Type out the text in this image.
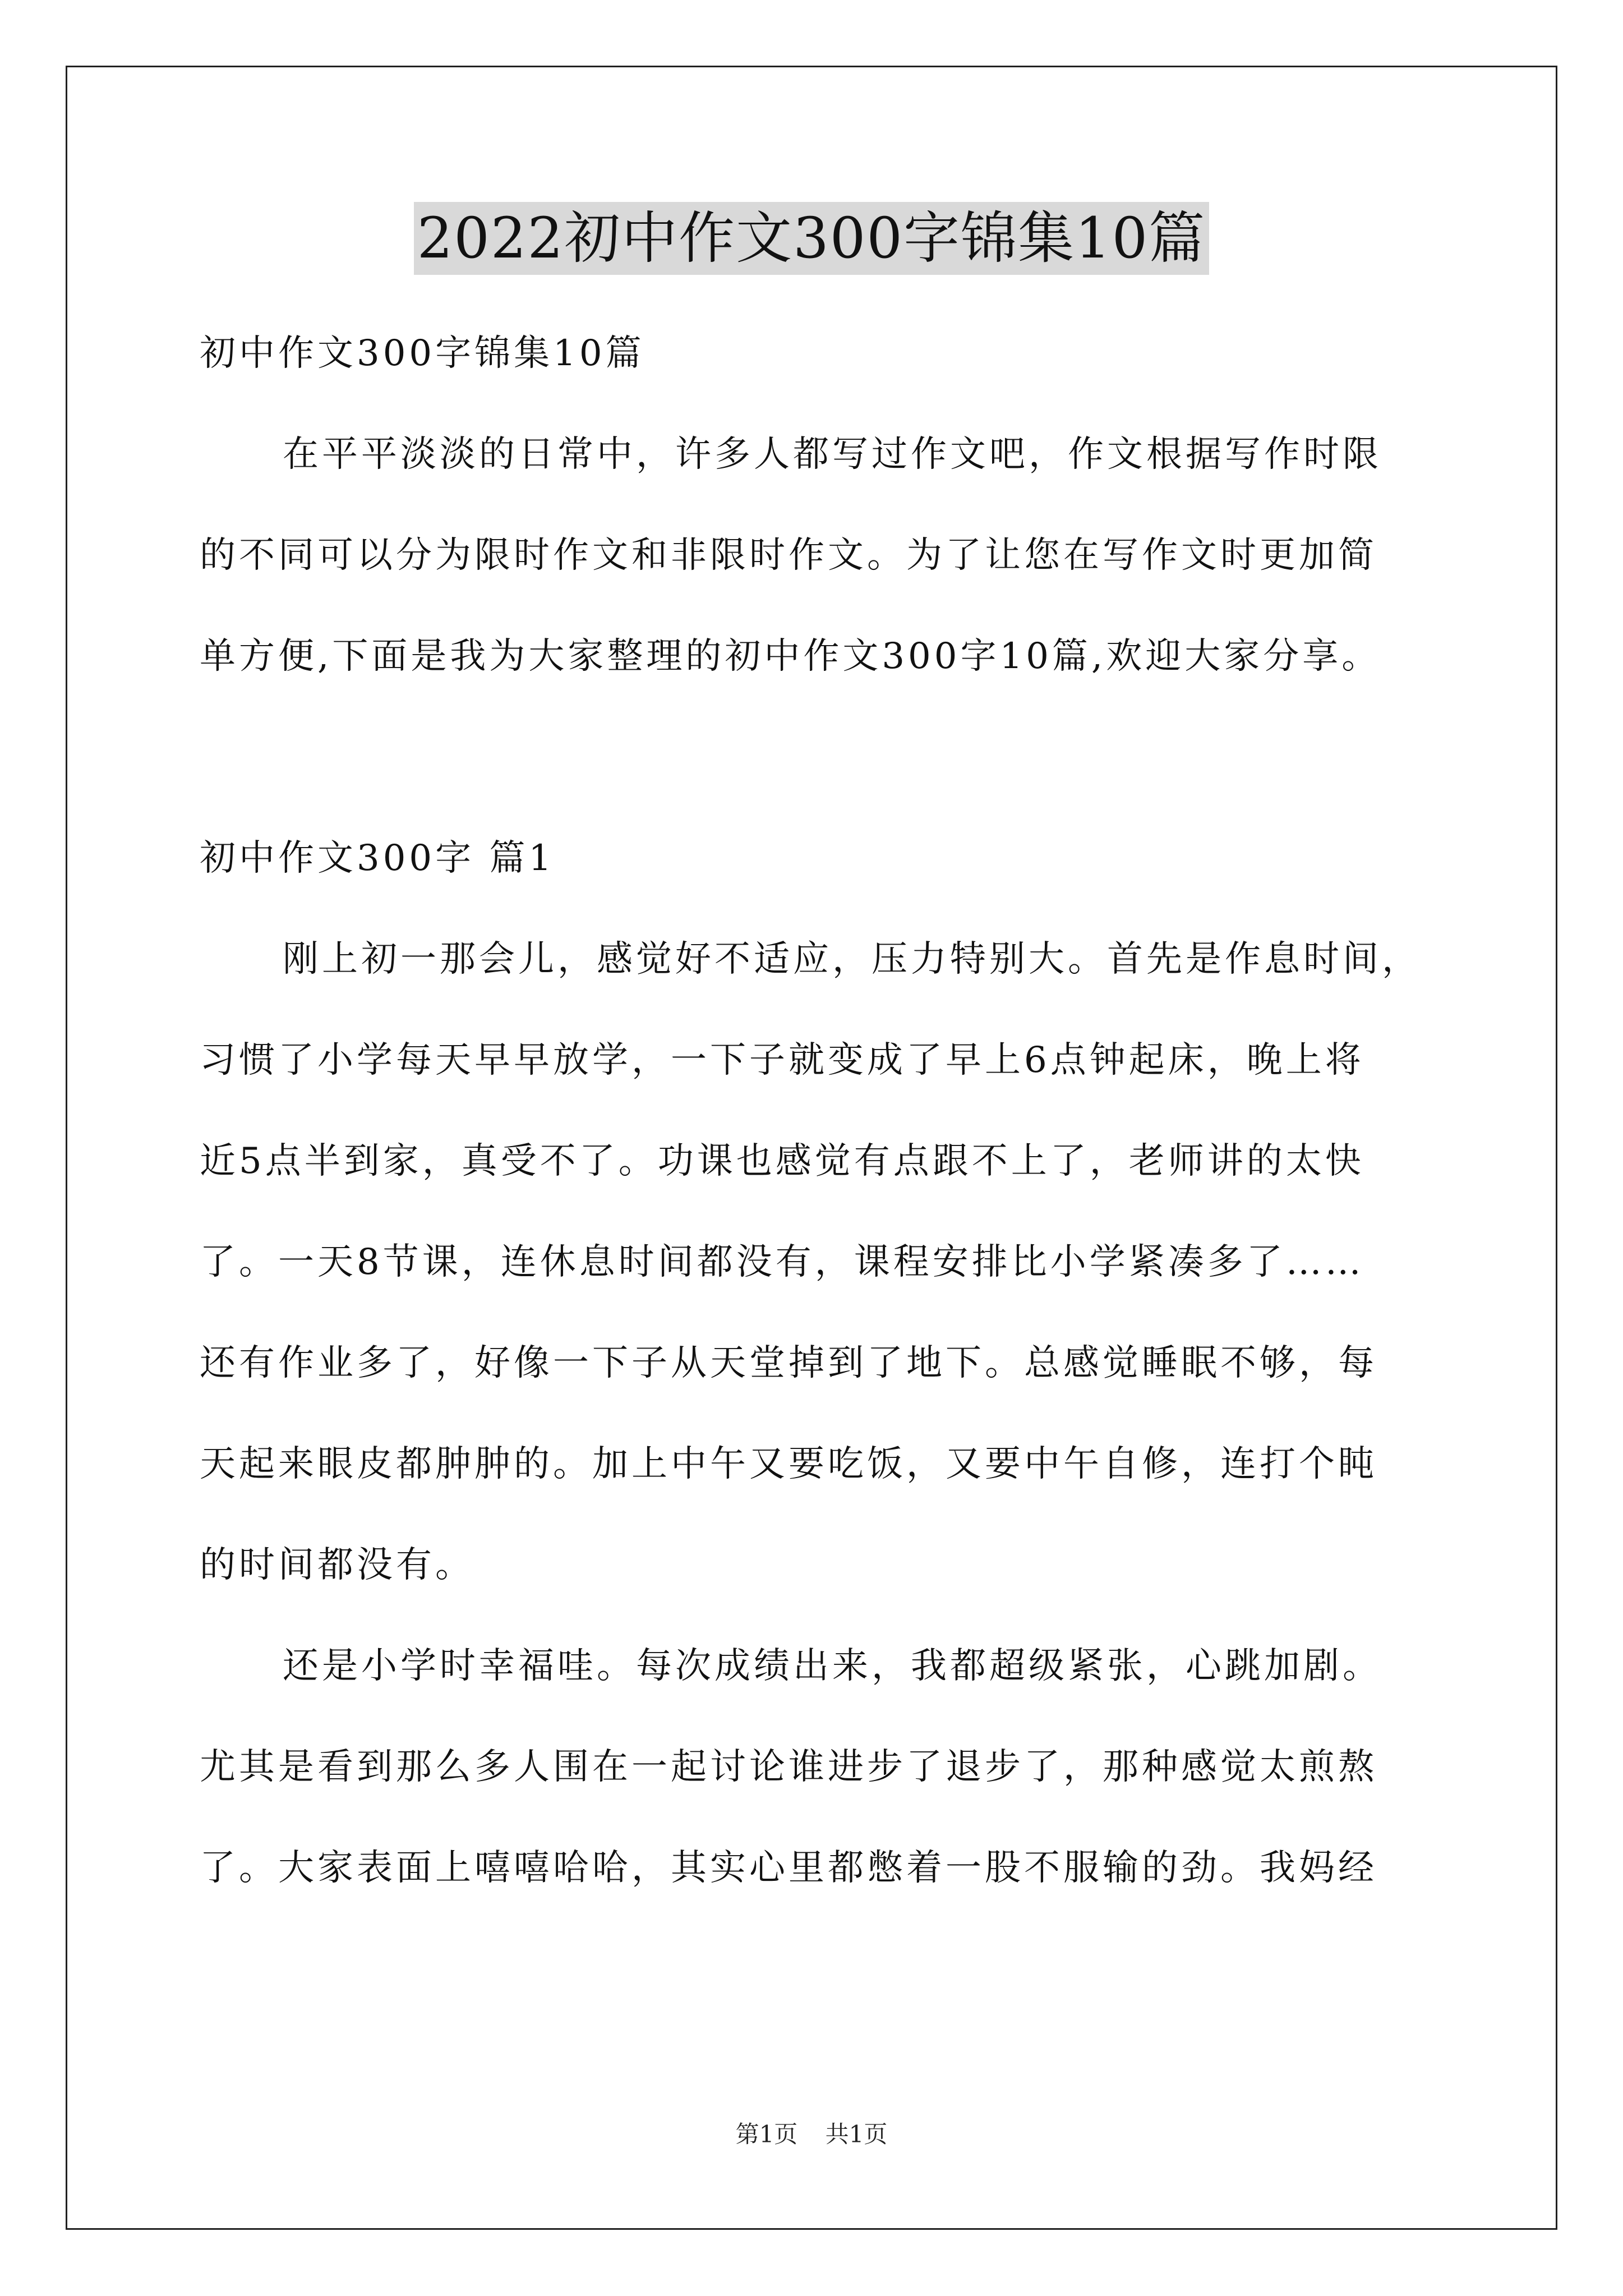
2022初中作文300字锦集10篇
初中作文300字锦集10篇
在平平淡淡的日常中，许多人都写过作文吧，作文根据写作时限
的不同可以分为限时作文和非限时作文。为了让您在写作文时更加简
单方便,下面是我为大家整理的初中作文300字10篇,欢迎大家分享。
初中作文300字 篇1
刚上初一那会儿，感觉好不适应，压力特别大。首先是作息时间，
习惯了小学每天早早放学，一下子就变成了早上6点钟起床，晚上将
近5点半到家，真受不了。功课也感觉有点跟不上了，老师讲的太快
了。一天8节课，连休息时间都没有，课程安排比小学紧凑多了……
还有作业多了，好像一下子从天堂掉到了地下。总感觉睡眠不够，每
天起来眼皮都肿肿的。加上中午又要吃饭，又要中午自修，连打个盹
的时间都没有。
还是小学时幸福哇。每次成绩出来，我都超级紧张，心跳加剧。
尤其是看到那么多人围在一起讨论谁进步了退步了，那种感觉太煎熬
了。大家表面上嘻嘻哈哈，其实心里都憋着一股不服输的劲。我妈经
第1页 共1页
